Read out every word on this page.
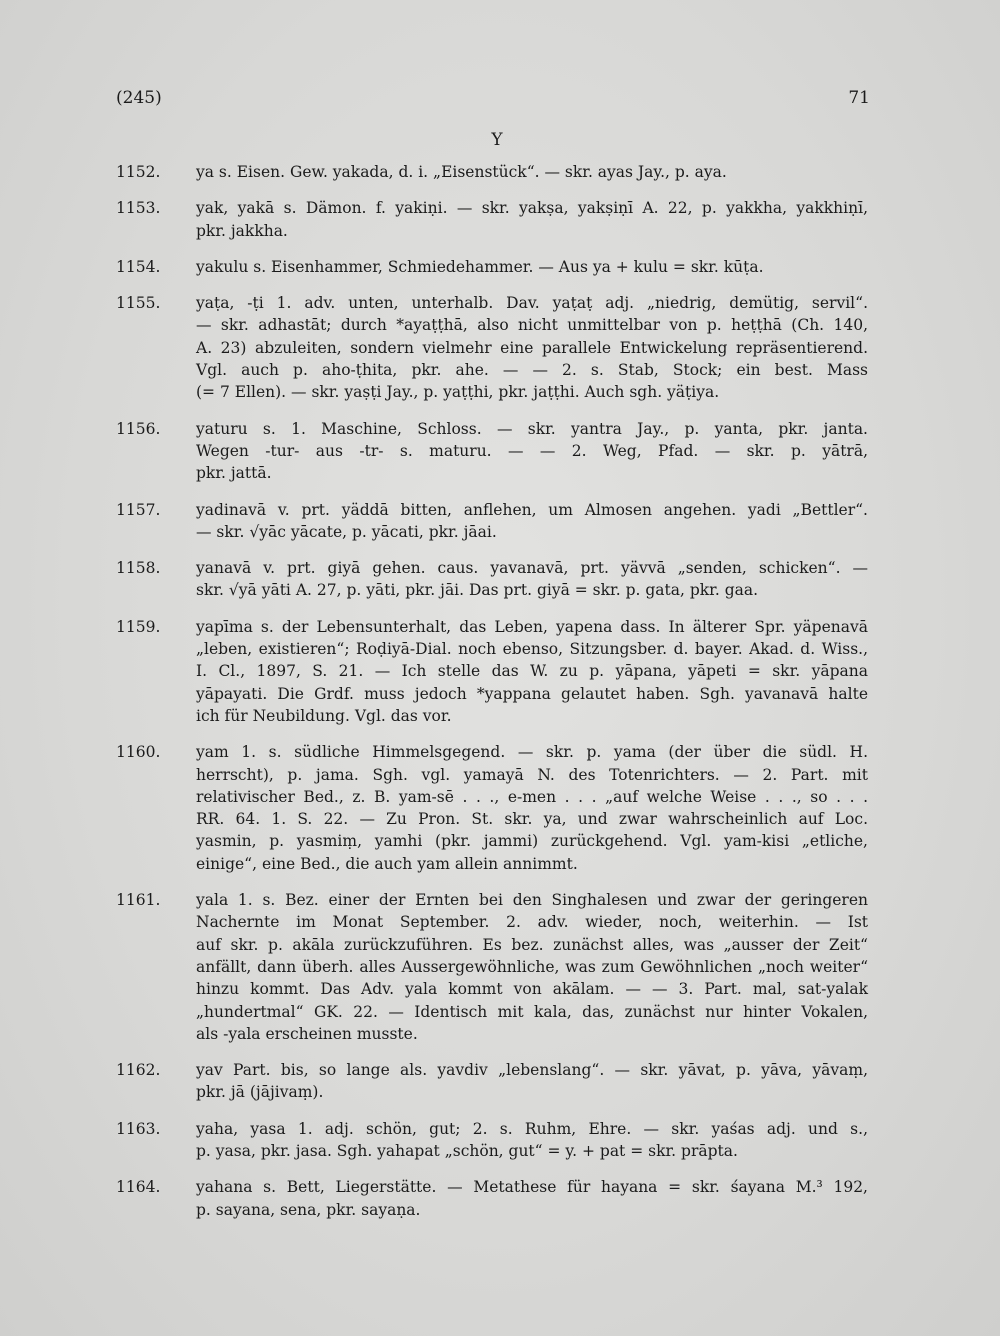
(245)	71
Y
1152.	ya s. Eisen. Gew. yakada, d. i. „Eisenstück“. — skr. ayas Jay., p. aya.
1153.	yak, yakā s. Dämon. f. yakiṇi. — skr. yakṣa, yakṣiṇī A. 22, p. yakkha, yakkhiṇī,
pkr. jakkha.
1154.	yakulu s. Eisenhammer, Schmiedehammer. — Aus ya + kulu = skr. kūṭa.
1155.	yaṭa, -ṭi 1. adv. unten, unterhalb. Dav. yaṭaṭ adj. „niedrig, demütig, servil“.
— skr. adhastāt; durch *ayaṭṭhā, also nicht unmittelbar von p. heṭṭhā (Ch. 140,
A. 23) abzuleiten, sondern vielmehr eine parallele Entwickelung repräsentierend.
Vgl. auch p. aho-ṭhita, pkr. ahe. — — 2. s. Stab, Stock; ein best. Mass
(= 7 Ellen). — skr. yaṣṭi Jay., p. yaṭṭhi, pkr. jaṭṭhi. Auch sgh. yäṭiya.
1156.	yaturu s. 1. Maschine, Schloss. — skr. yantra Jay., p. yanta, pkr. janta.
Wegen -tur- aus -tr- s. maturu. — — 2. Weg, Pfad. — skr. p. yātrā,
pkr. jattā.
1157.	yadinavā v. prt. yäddā bitten, anflehen, um Almosen angehen. yadi „Bettler“.
— skr. √yāc yācate, p. yācati, pkr. jāai.
1158.	yanavā v. prt. giyā gehen. caus. yavanavā, prt. yävvā „senden, schicken“. —
skr. √yā yāti A. 27, p. yāti, pkr. jāi. Das prt. giyā = skr. p. gata, pkr. gaa.
1159.	yapīma s. der Lebensunterhalt, das Leben, yapena dass. In älterer Spr. yäpenavā
„leben, existieren“; Roḍiyā-Dial. noch ebenso, Sitzungsber. d. bayer. Akad. d. Wiss.,
I. Cl., 1897, S. 21. — Ich stelle das W. zu p. yāpana, yāpeti = skr. yāpana
yāpayati. Die Grdf. muss jedoch *yappana gelautet haben. Sgh. yavanavā halte
ich für Neubildung. Vgl. das vor.
1160.	yam 1. s. südliche Himmelsgegend. — skr. p. yama (der über die südl. H.
herrscht), p. jama. Sgh. vgl. yamayā N. des Totenrichters. — 2. Part. mit
relativischer Bed., z. B. yam-sē . . ., e-men . . . „auf welche Weise . . ., so . . .
RR. 64. 1. S. 22. — Zu Pron. St. skr. ya, und zwar wahrscheinlich auf Loc.
yasmin, p. yasmiṃ, yamhi (pkr. jammi) zurückgehend. Vgl. yam-kisi „etliche,
einige“, eine Bed., die auch yam allein annimmt.
1161.	yala 1. s. Bez. einer der Ernten bei den Singhalesen und zwar der geringeren
Nachernte im Monat September. 2. adv. wieder, noch, weiterhin. — Ist
auf skr. p. akāla zurückzuführen. Es bez. zunächst alles, was „ausser der Zeit“
anfällt, dann überh. alles Aussergewöhnliche, was zum Gewöhnlichen „noch weiter“
hinzu kommt. Das Adv. yala kommt von akālam. — — 3. Part. mal, sat-yalak
„hundertmal“ GK. 22. — Identisch mit kala, das, zunächst nur hinter Vokalen,
als -yala erscheinen musste.
1162.	yav Part. bis, so lange als. yavdiv „lebenslang“. — skr. yāvat, p. yāva, yāvaṃ,
pkr. jā (jājivaṃ).
1163.	yaha, yasa 1. adj. schön, gut; 2. s. Ruhm, Ehre. — skr. yaśas adj. und s.,
p. yasa, pkr. jasa. Sgh. yahapat „schön, gut“ = y. + pat = skr. prāpta.
1164.	yahana s. Bett, Liegerstätte. — Metathese für hayana = skr. śayana M.³ 192,
p. sayana, sena, pkr. sayaṇa.
